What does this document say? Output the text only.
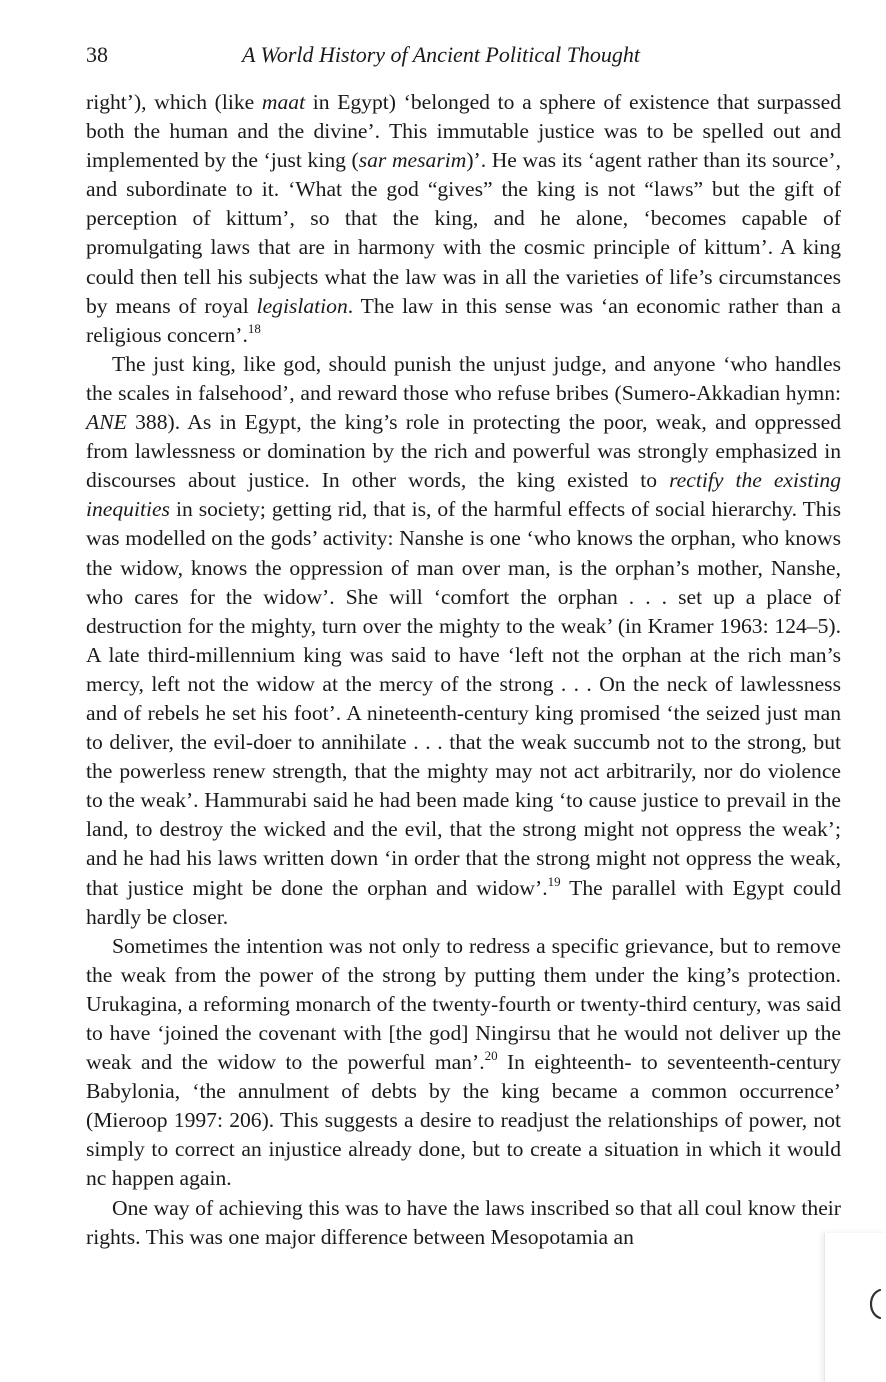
38	A World History of Ancient Political Thought

right’), which (like maat in Egypt) ‘belonged to a sphere of existence that surpassed both the human and the divine’. This immutable justice was to be spelled out and implemented by the ‘just king (sar mesarim)’. He was its ‘agent rather than its source’, and subordinate to it. ‘What the god “gives” the king is not “laws” but the gift of perception of kittum’, so that the king, and he alone, ‘becomes capable of promulgating laws that are in harmony with the cosmic principle of kittum’. A king could then tell his subjects what the law was in all the varieties of life’s circumstances by means of royal legislation. The law in this sense was ‘an economic rather than a religious concern’.$^{18}$

The just king, like god, should punish the unjust judge, and anyone ‘who handles the scales in falsehood’, and reward those who refuse bribes (Sumero-Akkadian hymn: ANE 388). As in Egypt, the king’s role in protecting the poor, weak, and oppressed from lawlessness or domination by the rich and powerful was strongly emphasized in discourses about justice. In other words, the king existed to rectify the existing inequities in society; getting rid, that is, of the harmful effects of social hierarchy. This was modelled on the gods’ activity: Nanshe is one ‘who knows the orphan, who knows the widow, knows the oppression of man over man, is the orphan’s mother, Nanshe, who cares for the widow’. She will ‘comfort the orphan . . . set up a place of destruction for the mighty, turn over the mighty to the weak’ (in Kramer 1963: 124–5). A late third-millennium king was said to have ‘left not the orphan at the rich man’s mercy, left not the widow at the mercy of the strong . . . On the neck of lawlessness and of rebels he set his foot’. A nineteenth-century king promised ‘the seized just man to deliver, the evil-doer to annihilate . . . that the weak succumb not to the strong, but the powerless renew strength, that the mighty may not act arbitrarily, nor do violence to the weak’. Hammurabi said he had been made king ‘to cause justice to prevail in the land, to destroy the wicked and the evil, that the strong might not oppress the weak’; and he had his laws written down ‘in order that the strong might not oppress the weak, that justice might be done the orphan and widow’.$^{19}$ The parallel with Egypt could hardly be closer.

Sometimes the intention was not only to redress a specific grievance, but to remove the weak from the power of the strong by putting them under the king’s protection. Urukagina, a reforming monarch of the twenty-fourth or twenty-third century, was said to have ‘joined the covenant with [the god] Ningirsu that he would not deliver up the weak and the widow to the powerful man’.$^{20}$ In eighteenth- to seventeenth-century Babylonia, ‘the annulment of debts by the king became a common occurrence’ (Mieroop 1997: 206). This suggests a desire to readjust the relationships of power, not simply to correct an injustice already done, but to create a situation in which it would nc happen again.

One way of achieving this was to have the laws inscribed so that all coul know their rights. This was one major difference between Mesopotamia an
